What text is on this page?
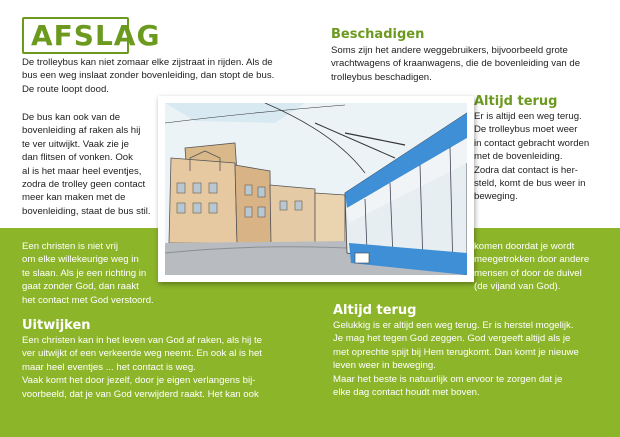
AFSLAG

De trolleybus kan niet zomaar elke zijstraat in rijden. Als de
bus een weg inslaat zonder bovenleiding, dan stopt de bus.
De route loopt dood.

De bus kan ook van de
bovenleiding af raken als hij
te ver uitwijkt. Vaak zie je
dan flitsen of vonken. Ook
al is het maar heel eventjes,
zodra de trolley geen contact
meer kan maken met de
bovenleiding, staat de bus stil.

Beschadigen

Soms zijn het andere weggebruikers, bijvoorbeeld grote
vrachtwagens of kraanwagens, die de bovenleiding van de
trolleybus beschadigen.

Altijd terug

Er is altijd een weg terug.
De trolleybus moet weer
in contact gebracht worden
met de bovenleiding.
Zodra dat contact is her-
steld, komt de bus weer in
beweging.

Een christen is niet vrij
om elke willekeurige weg in
te slaan. Als je een richting in
gaat zonder God, dan raakt
het contact met God verstoord.

komen doordat je wordt
meegetrokken door andere
mensen of door de duivel
(de vijand van God).

Uitwijken

Een christen kan in het leven van God af raken, als hij te
ver uitwijkt of een verkeerde weg neemt. En ook al is het
maar heel eventjes ... het contact is weg.
Vaak komt het door jezelf, door je eigen verlangens bij-
voorbeeld, dat je van God verwijderd raakt. Het kan ook

Altijd terug

Gelukkig is er altijd een weg terug. Er is herstel mogelijk.
Je mag het tegen God zeggen. God vergeeft altijd als je
met oprechte spijt bij Hem terugkomt. Dan komt je nieuwe
leven weer in beweging.
Maar het beste is natuurlijk om ervoor te zorgen dat je
elke dag contact houdt met boven.
